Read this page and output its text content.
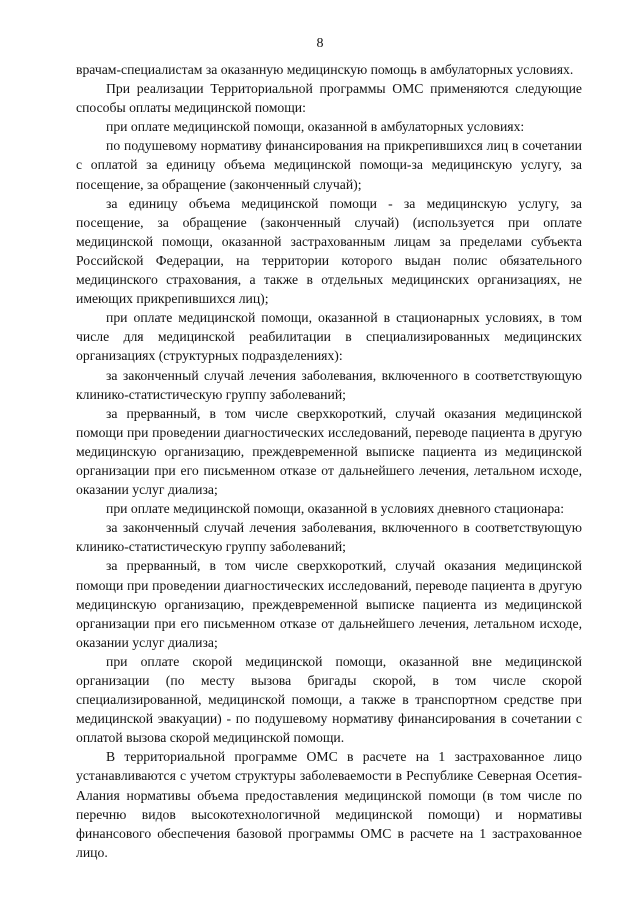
8

врачам-специалистам за оказанную медицинскую помощь в амбулаторных условиях.

При реализации Территориальной программы ОМС применяются следующие способы оплаты медицинской помощи:

при оплате медицинской помощи, оказанной в амбулаторных условиях:

по подушевому нормативу финансирования на прикрепившихся лиц в сочетании с оплатой за единицу объема медицинской помощи-за медицинскую услугу, за посещение, за обращение (законченный случай);

за единицу объема медицинской помощи - за медицинскую услугу, за посещение, за обращение (законченный случай) (используется при оплате медицинской помощи, оказанной застрахованным лицам за пределами субъекта Российской Федерации, на территории которого выдан полис обязательного медицинского страхования, а также в отдельных медицинских организациях, не имеющих прикрепившихся лиц);

при оплате медицинской помощи, оказанной в стационарных условиях, в том числе для медицинской реабилитации в специализированных медицинских организациях (структурных подразделениях):

за законченный случай лечения заболевания, включенного в соответствующую клинико-статистическую группу заболеваний;

за прерванный, в том числе сверхкороткий, случай оказания медицинской помощи при проведении диагностических исследований, переводе пациента в другую медицинскую организацию, преждевременной выписке пациента из медицинской организации при его письменном отказе от дальнейшего лечения, летальном исходе, оказании услуг диализа;

при оплате медицинской помощи, оказанной в условиях дневного стационара:

за законченный случай лечения заболевания, включенного в соответствующую клинико-статистическую группу заболеваний;

за прерванный, в том числе сверхкороткий, случай оказания медицинской помощи при проведении диагностических исследований, переводе пациента в другую медицинскую организацию, преждевременной выписке пациента из медицинской организации при его письменном отказе от дальнейшего лечения, летальном исходе, оказании услуг диализа;

при оплате скорой медицинской помощи, оказанной вне медицинской организации (по месту вызова бригады скорой, в том числе скорой специализированной, медицинской помощи, а также в транспортном средстве при медицинской эвакуации) - по подушевому нормативу финансирования в сочетании с оплатой вызова скорой медицинской помощи.

В территориальной программе ОМС в расчете на 1 застрахованное лицо устанавливаются с учетом структуры заболеваемости в Республике Северная Осетия-Алания нормативы объема предоставления медицинской помощи (в том числе по перечню видов высокотехнологичной медицинской помощи) и нормативы финансового обеспечения базовой программы ОМС в расчете на 1 застрахованное лицо.
